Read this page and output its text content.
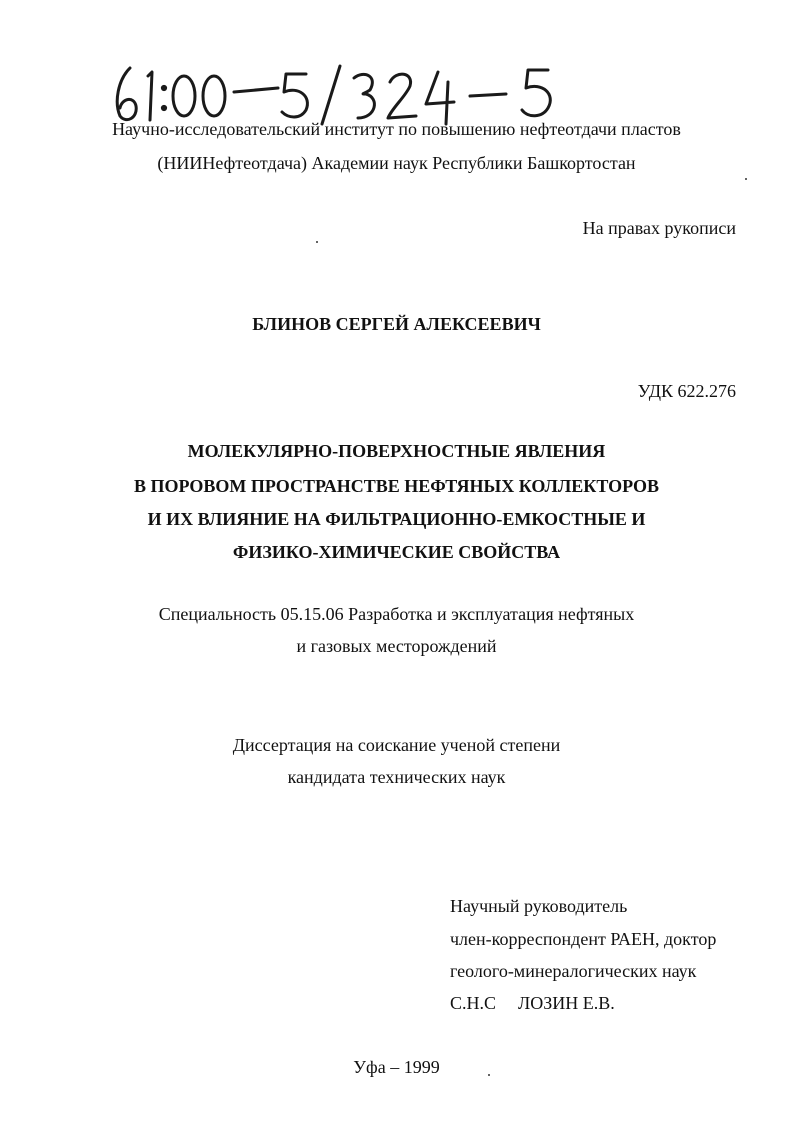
Научно-исследовательский институт по повышению нефтеотдачи пластов
(НИИНефтеотдача) Академии наук Республики Башкортостан
На правах рукописи
БЛИНОВ СЕРГЕЙ АЛЕКСЕЕВИЧ
УДК 622.276
МОЛЕКУЛЯРНО-ПОВЕРХНОСТНЫЕ ЯВЛЕНИЯ
В ПОРОВОМ ПРОСТРАНСТВЕ НЕФТЯНЫХ КОЛЛЕКТОРОВ
И ИХ ВЛИЯНИЕ НА ФИЛЬТРАЦИОННО-ЕМКОСТНЫЕ И
ФИЗИКО-ХИМИЧЕСКИЕ СВОЙСТВА
Специальность 05.15.06 Разработка и эксплуатация нефтяных
и газовых месторождений
Диссертация на соискание ученой степени
кандидата технических наук
Научный руководитель
член-корреспондент РАЕН, доктор
геолого-минералогических наук
С.Н.С ЛОЗИН Е.В.
Уфа – 1999
